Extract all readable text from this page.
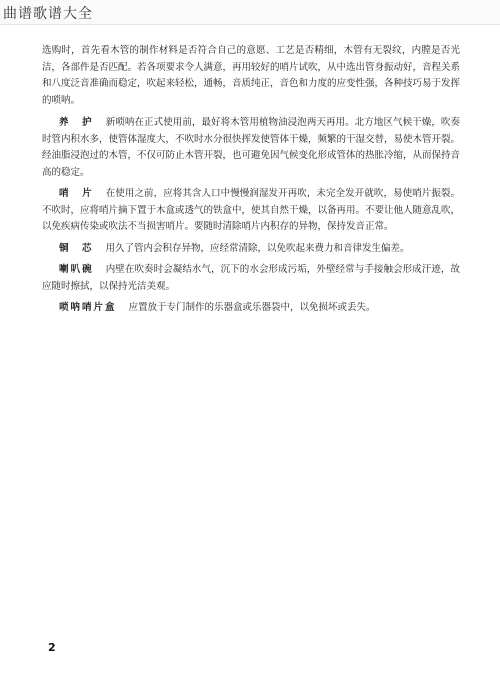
曲谱歌谱大全

选购时，首先看木管的制作材料是否符合自己的意愿、工艺是否精细，木管有无裂纹，内膛是否光洁，各部件是否匹配。若各项要求令人满意，再用较好的哨片试吹，从中选出管身振动好，音程关系和八度泛音准确而稳定，吹起来轻松，通畅，音质纯正，音色和力度的应变性强，各种技巧易于发挥的唢呐。

养　护 新唢呐在正式使用前，最好将木管用植物油浸泡两天再用。北方地区气候干燥，吹奏时管内积水多，使管体湿度大，不吹时水分很快挥发使管体干燥，频繁的干湿交替，易使木管开裂。经油脂浸泡过的木管，不仅可防止木管开裂，也可避免因气候变化形成管体的热胀冷缩，从而保持音高的稳定。

哨　片 在使用之前，应将其含人口中慢慢润湿发开再吹，未完全发开就吹，易使哨片振裂。不吹时，应将哨片摘下置于木盒或透气的铁盒中，使其自然干燥，以备再用。不要让他人随意乱吹，以免疾病传染或吹法不当损害哨片。要随时清除哨片内积存的异物，保持发音正常。

铜　芯 用久了管内会积存异物，应经常清除，以免吹起来费力和音律发生偏差。

喇叭碗 内壁在吹奏时会凝结水气，沉下的水会形成污垢，外壁经常与手接触会形成汗迹，故应随时擦拭，以保持光洁美观。

唢呐哨片盒 应置放于专门制作的乐器盒或乐器袋中，以免损坏或丢失。

2
